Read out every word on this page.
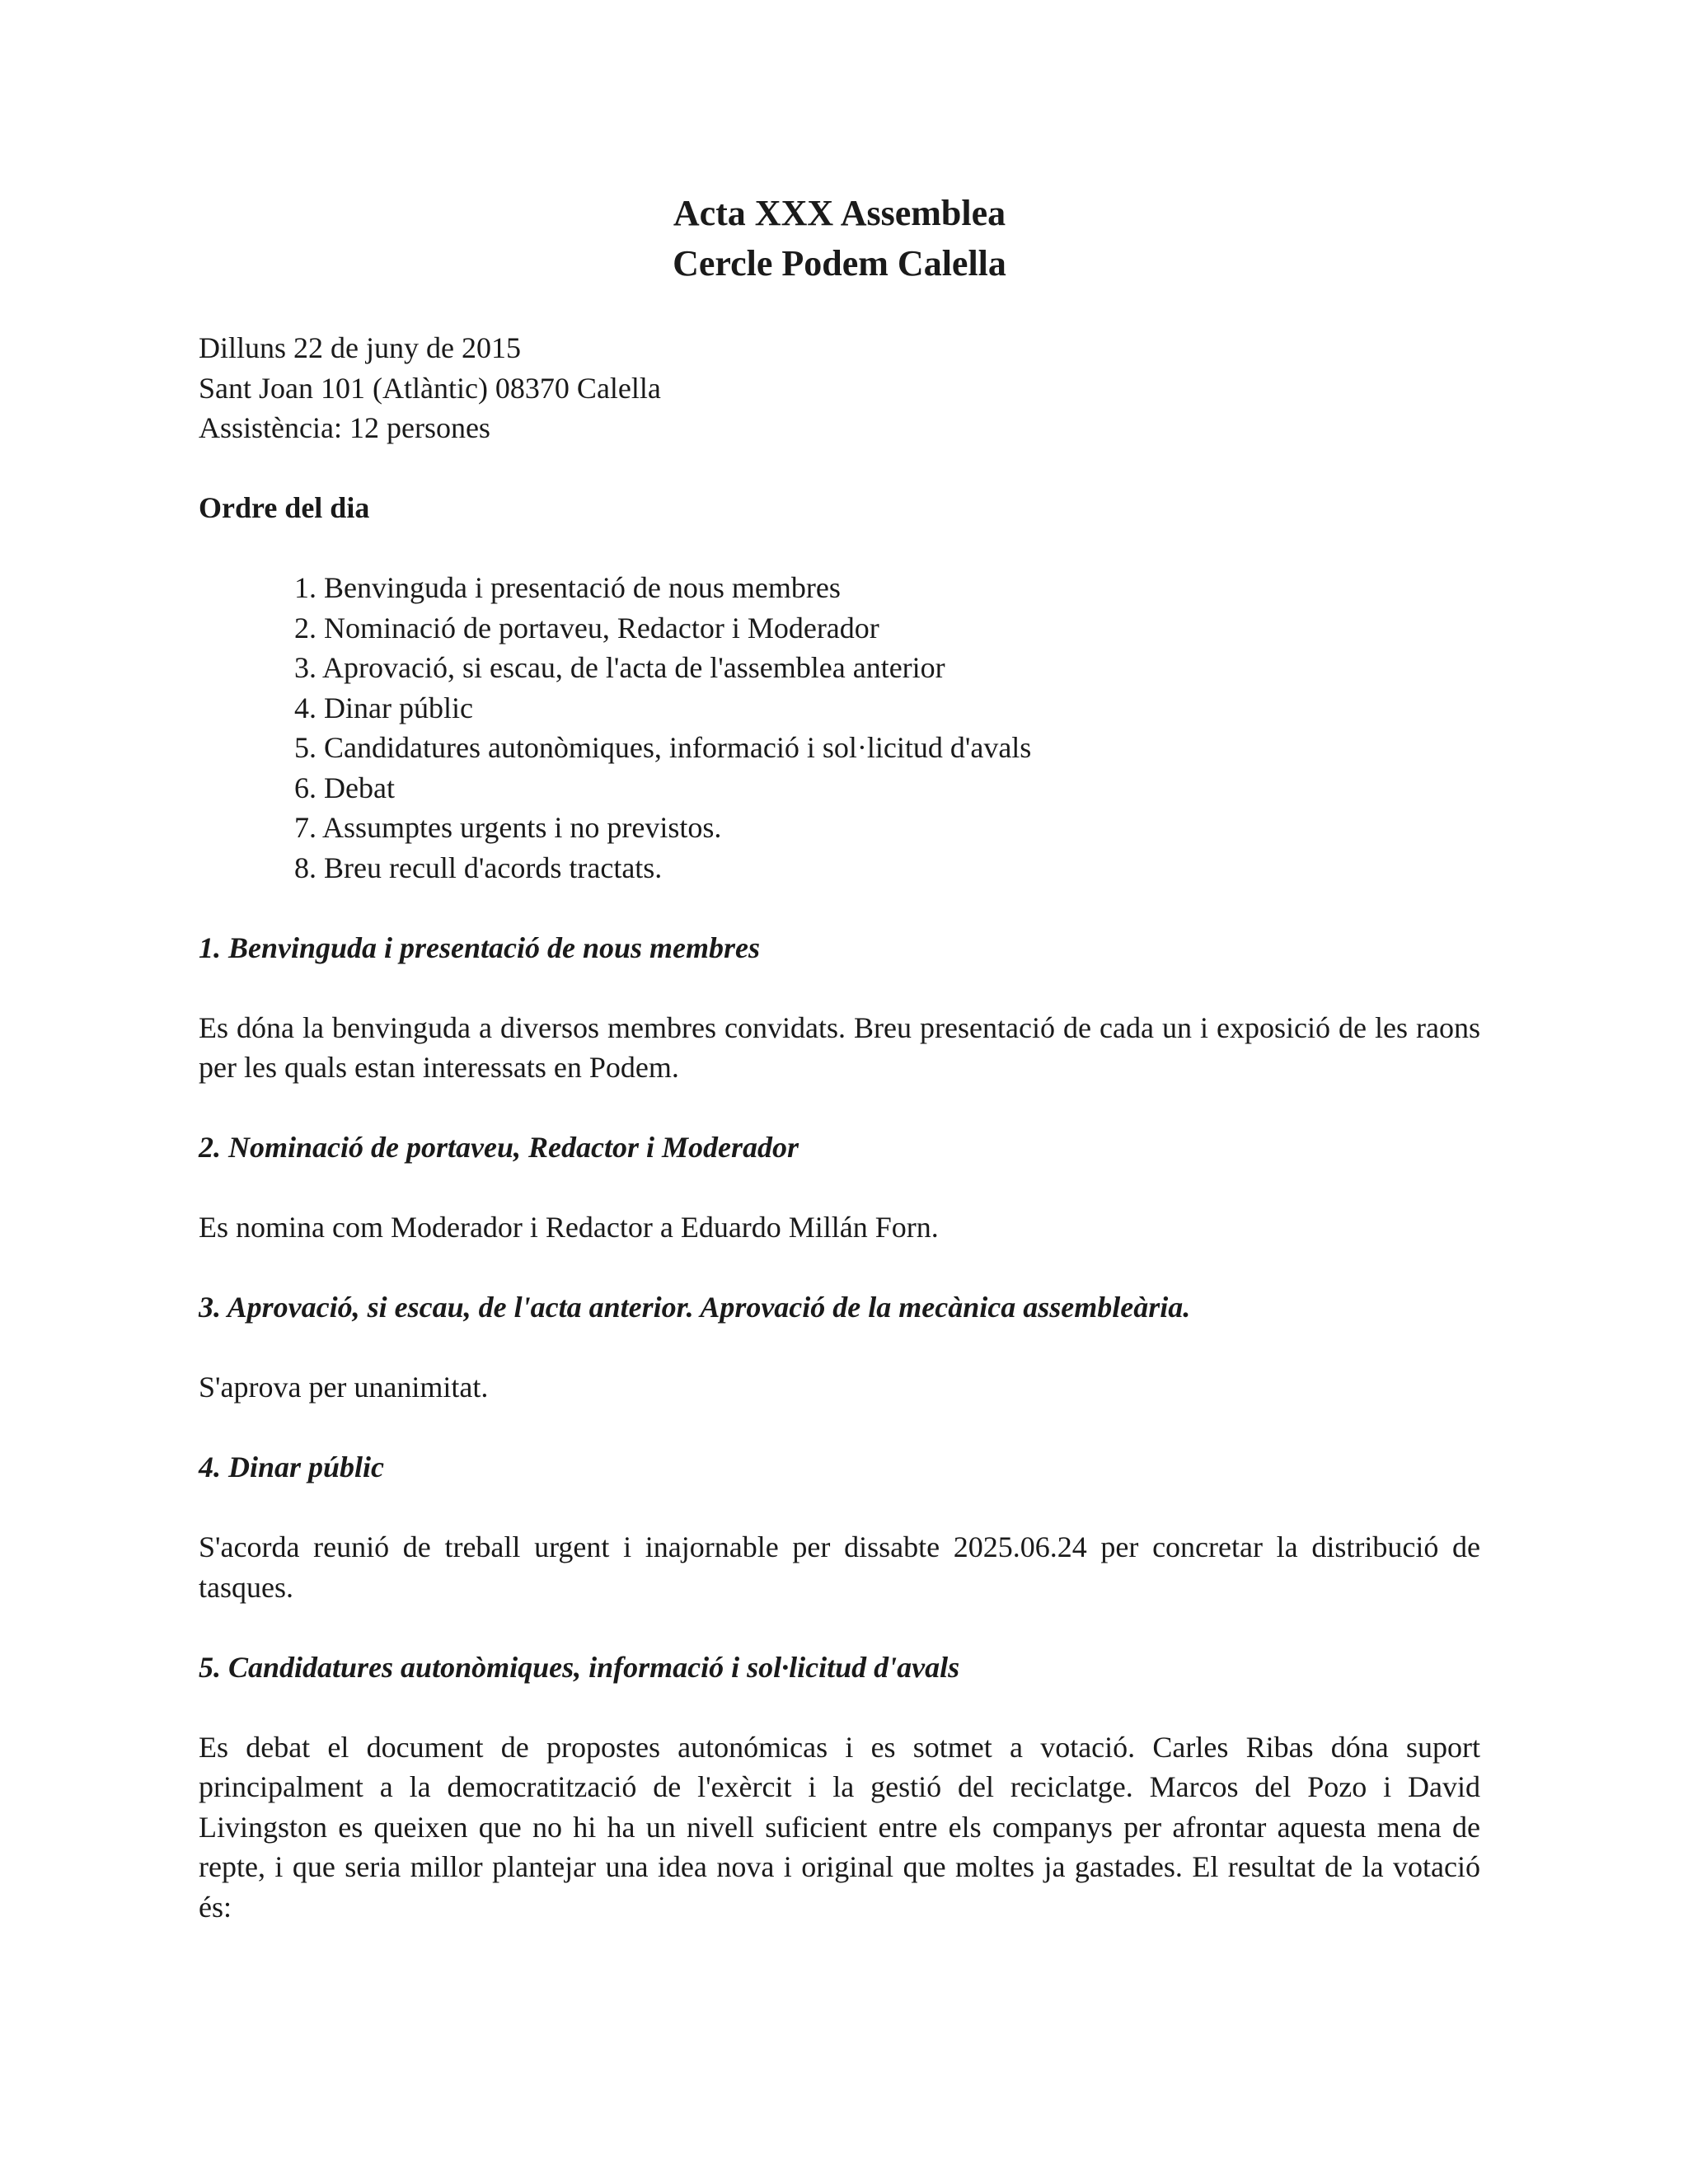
Acta XXX Assemblea
Cercle Podem Calella
Dilluns 22 de juny de 2015
Sant Joan 101 (Atlàntic) 08370 Calella
Assistència: 12 persones
Ordre del dia
1. Benvinguda i presentació de nous membres
2. Nominació de portaveu, Redactor i Moderador
3. Aprovació, si escau, de l'acta de l'assemblea anterior
4. Dinar públic
5. Candidatures autonòmiques, informació i sol·licitud d'avals
6. Debat
7. Assumptes urgents i no previstos.
8. Breu recull d'acords tractats.
1. Benvinguda i presentació de nous membres
Es dóna la benvinguda a diversos membres convidats. Breu presentació de cada un i exposició de les raons per les quals estan interessats en Podem.
2. Nominació de portaveu, Redactor i Moderador
Es nomina com Moderador i Redactor a Eduardo Millán Forn.
3. Aprovació, si escau, de l'acta anterior. Aprovació de la mecànica assembleària.
S'aprova per unanimitat.
4. Dinar públic
S'acorda reunió de treball urgent i inajornable per dissabte 2025.06.24 per concretar la distribució de tasques.
5. Candidatures autonòmiques, informació i sol·licitud d'avals
Es debat el document de propostes autonómicas i es sotmet a votació. Carles Ribas dóna suport principalment a la democratització de l'exèrcit i la gestió del reciclatge. Marcos del Pozo i David Livingston es queixen que no hi ha un nivell suficient entre els companys per afrontar aquesta mena de repte, i que seria millor plantejar una idea nova i original que moltes ja gastades. El resultat de la votació és:
